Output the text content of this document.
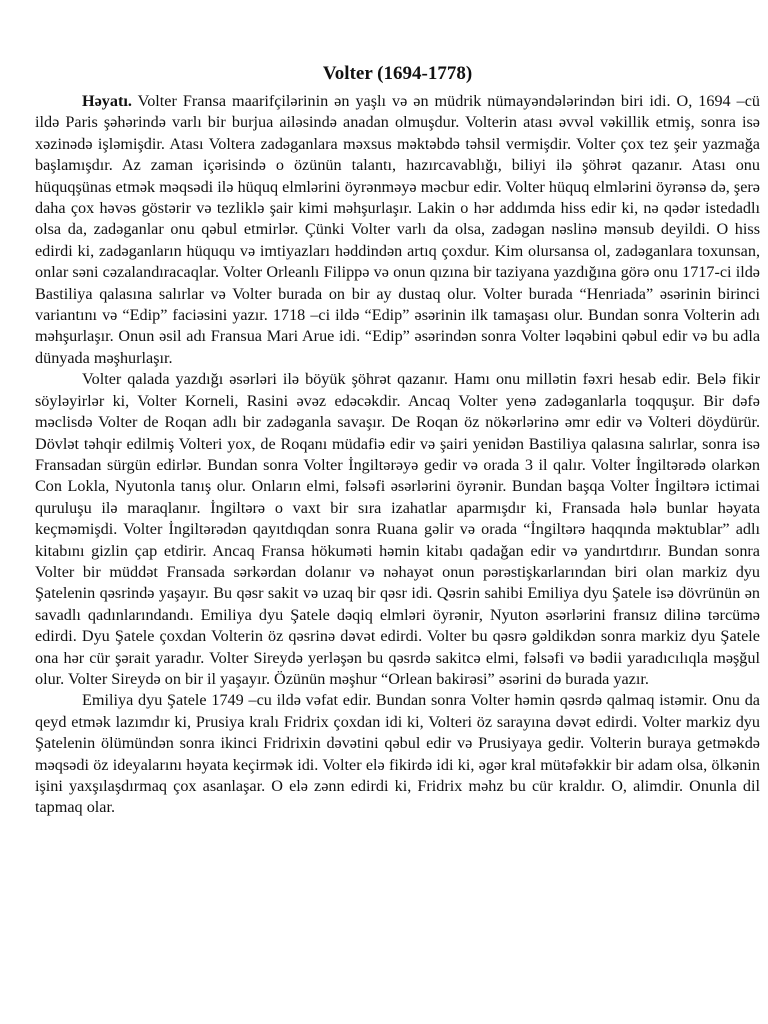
Volter (1694-1778)

Həyatı. Volter Fransa maarifçilərinin ən yaşlı və ən müdrik nümayəndələrindən biri idi. O, 1694 –cü ildə Paris şəhərində varlı bir burjua ailəsində anadan olmuşdur. Volterin atası əvvəl vəkillik etmiş, sonra isə xəzinədə işləmişdir. Atası Voltera zadəganlara məxsus məktəbdə təhsil vermişdir. Volter çox tez şeir yazmağa başlamışdır. Az zaman içərisində o özünün talantı, hazırcavablığı, biliyi ilə şöhrət qazanır. Atası onu hüquqşünas etmək məqsədi ilə hüquq elmlərini öyrənməyə məcbur edir. Volter hüquq elmlərini öyrənsə də, şerə daha çox həvəs göstərir və tezliklə şair kimi məhşurlaşır. Lakin o hər addımda hiss edir ki, nə qədər istedadlı olsa da, zadəganlar onu qəbul etmirlər. Çünki Volter varlı da olsa, zadəgan nəslinə mənsub deyildi. O hiss edirdi ki, zadəganların hüququ və imtiyazları həddindən artıq çoxdur. Kim olursansa ol, zadəganlara toxunsan, onlar səni cəzalandıracaqlar. Volter Orleanlı Filippə və onun qızına bir taziyana yazdığına görə onu 1717-ci ildə Bastiliya qalasına salırlar və Volter burada on bir ay dustaq olur. Volter burada “Henriada” əsərinin birinci variantını və “Edip” faciəsini yazır. 1718 –ci ildə “Edip” əsərinin ilk tamaşası olur. Bundan sonra Volterin adı məhşurlaşır. Onun əsil adı Fransua Mari Arue idi. “Edip” əsərindən sonra Volter ləqəbini qəbul edir və bu adla dünyada məşhurlaşır.

Volter qalada yazdığı əsərləri ilə böyük şöhrət qazanır. Hamı onu millətin fəxri hesab edir. Belə fikir söyləyirlər ki, Volter Korneli, Rasini əvəz edəcəkdir. Ancaq Volter yenə zadəganlarla toqquşur. Bir dəfə məclisdə Volter de Roqan adlı bir zadəganla savaşır. De Roqan öz nökərlərinə əmr edir və Volteri döydürür. Dövlət təhqir edilmiş Volteri yox, de Roqanı müdafiə edir və şairi yenidən Bastiliya qalasına salırlar, sonra isə Fransadan sürgün edirlər. Bundan sonra Volter İngiltərəyə gedir və orada 3 il qalır. Volter İngiltərədə olarkən Con Lokla, Nyutonla tanış olur. Onların elmi, fəlsəfi əsərlərini öyrənir. Bundan başqa Volter İngiltərə ictimai quruluşu ilə maraqlanır. İngiltərə o vaxt bir sıra izahatlar aparmışdır ki, Fransada hələ bunlar həyata keçməmişdi. Volter İngiltərədən qayıtdıqdan sonra Ruana gəlir və orada “İngiltərə haqqında məktublar” adlı kitabını gizlin çap etdirir. Ancaq Fransa hökuməti həmin kitabı qadağan edir və yandırtdırır. Bundan sonra Volter bir müddət Fransada sərkərdan dolanır və nəhayət onun pərəstişkarlarından biri olan markiz dyu Şatelenin qəsrində yaşayır. Bu qəsr sakit və uzaq bir qəsr idi. Qəsrin sahibi Emiliya dyu Şatele isə dövrünün ən savadlı qadınlarındandı. Emiliya dyu Şatele dəqiq elmləri öyrənir, Nyuton əsərlərini fransız dilinə tərcümə edirdi. Dyu Şatele çoxdan Volterin öz qəsrinə dəvət edirdi. Volter bu qəsrə gəldikdən sonra markiz dyu Şatele ona hər cür şərait yaradır. Volter Sireydə yerləşən bu qəsrdə sakitcə elmi, fəlsəfi və bədii yaradıcılıqla məşğul olur. Volter Sireydə on bir il yaşayır. Özünün məşhur “Orlean bakirəsi” əsərini də burada yazır.

Emiliya dyu Şatele 1749 –cu ildə vəfat edir. Bundan sonra Volter həmin qəsrdə qalmaq istəmir. Onu da qeyd etmək lazımdır ki, Prusiya kralı Fridrix çoxdan idi ki, Volteri öz sarayına dəvət edirdi. Volter markiz dyu Şatelenin ölümündən sonra ikinci Fridrixin dəvətini qəbul edir və Prusiyaya gedir. Volterin buraya getməkdə məqsədi öz ideyalarını həyata keçirmək idi. Volter elə fikirdə idi ki, əgər kral mütəfəkkir bir adam olsa, ölkənin işini yaxşılaşdırmaq çox asanlaşar. O elə zənn edirdi ki, Fridrix məhz bu cür kraldır. O, alimdir. Onunla dil tapmaq olar.
